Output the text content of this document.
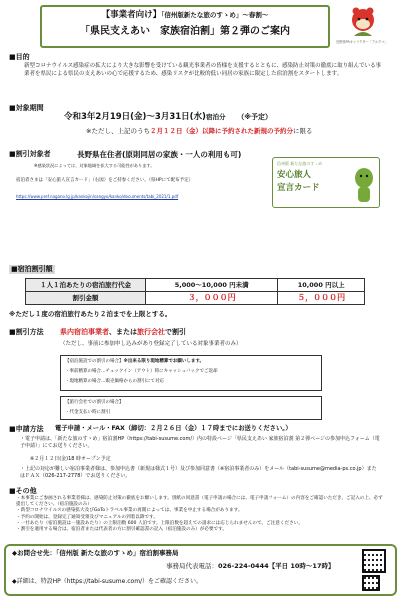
【事業者向け】「信州版新たな旅のすゝめ」～春割～
「県民支えあい　家族宿泊割」第２弾のご案内
長野県PRキャラクター「アルクマ」
■目的
新型コロナウイルス感染症の拡大により大きな影響を受けている観光事業者の皆様を支援するとともに、感染防止対策の徹底に取り組んでいる事業者を県民による県民の支えあいの心で応援するため、感染リスクが比較的低い同居の家族に限定した宿泊割をスタートします。
■対象期間
令和3年2月19日(金)～3月31日(水)宿泊分 （※予定）
※ただし、上記のうち２月１２日（金）以降に予約された新規の予約分に限る
■割引対象者	長野県在住者(原則同居の家族・一人の利用も可)
※感染状況によっては、対象地域を拡大する可能性があります。
宿泊者さまは「安心旅人宣言カード」（右図）をご持参ください。（県HPにて配布予定）
https://www.pref.nagano.lg.jp/kankojin/sangyo/kanko/documents/tabi_2021/1.pdf
信州版 新たな旅のすゝめ
安心旅人
宣言カード
■宿泊割引額
１人１泊あたりの宿泊旅行代金	5,000～10,000 円未満	10,000 円以上
割引金額	３，０００円	５，０００円
※ただし１度の宿泊旅行あたり２泊までを上限とする。
■割引方法 県内宿泊事業者、または旅行会社で割引
（ただし、事前に参加申し込みがあり登録完了している対象事業者のみ）
【宿泊施設での割引の場合】※出来る限り現地精算でお願いします。
・事前精算の場合…チェックイン（アウト）時にキャッシュバックでご返却
・現地精算の場合…販売価格からの割引にて対応
【旅行会社での割引の場合】
・代金支払い時に割引
■申請方法 電子申請・メール・FAX（締切：２月２６日（金）１７時までにお送りください。）
・電子申請は、「新たな旅のすゝめ」宿泊割HP（https://tabi-susume.com/）内の特設ページ「県民支えあい 家族宿泊割 第２弾ページの参加申込フォーム（電子申請）」にてお送りください。
※２月１２日(金)18 時オープン予定
・上記の対応が難しい宿泊事業者様は、参加申込書（新規は様式１号）及び参加同意書（※宿泊事業者のみ）をメール（tabi-susume@media-ps.co.jp）またはＦＡＸ（026-217-2778）でお送りください。
■その他
・本事業にご参画される事業者様は、感染防止対策の徹底をお願いします。別紙の同意書（電子申請の場合には、電子申請フォーム）の内容をご確認いただき、ご記入の上、必ず提出してください。（宿泊施設のみ）
・新型コロナウイルスの感染拡大及びGoToトラベル事業の再開によっては、事業を中止する場合があります。
・予約の開始は、登録完了通知受領及びマニュアルの到着以降です。
・一社あたり（宿泊施設は一施設あたり）の上限泊数 600 人泊です。上限泊数を超えての請求には応じられませんので、ご注意ください。
・割引を適用する場合は、宿泊者または代表者の方に割引確認書の記入（宿泊施設のみ）が必要です。
◆お問合せ先：「信州版 新たな旅のすゝめ」宿泊割事務局
事務局代表電話：026-224-0444【平日 10時～17時】
◆詳細は、特設HP（https://tabi-susume.com/）をご確認ください。
